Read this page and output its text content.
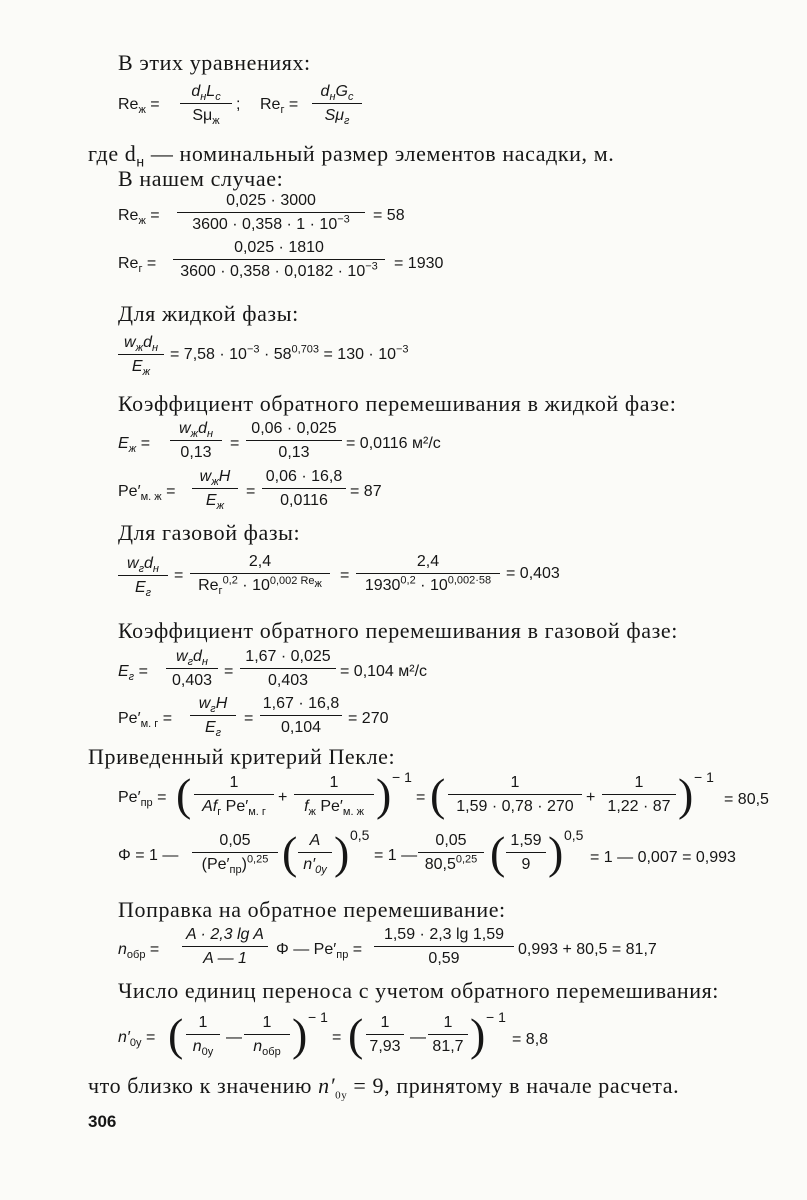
В этих уравнениях:
$Re_ж$ =
$d_нL_с$
$S\mu_ж$
; $Re_г$ =
$d_нG_с$
$S\mu_г$
где $d_н$ — номинальный размер элементов насадки, м.
В нашем случае:
$Re_ж$ =
0,025 · 3000
$3600 \cdot 0,358 \cdot 1 \cdot 10^{-3}$	= 58
$Re_г$ =
0,025 · 1810
$3600 \cdot 0,358 \cdot 0,0182 \cdot 10^{-3}$	= 1930
Для жидкой фазы:
$w_жd_н$
$E_ж$
= $7,58 \cdot 10^{-3} \cdot 58^{0,703} = 130 \cdot 10^{-3}$
Коэффициент обратного перемешивания в жидкой фазе:
$E_ж$ =
$w_жd_н$
0,13
=
0,06 · 0,025
0,13
= 0,0116 м²/с
$Pe'_{м. ж}$ =
$w_жH$
$E_ж$
=
0,06 · 16,8
0,0116
= 87
Для газовой фазы:
$w_гd_н$
$E_г$
=
2,4
$Re_г^{0,2} \cdot 10^{0,002 Re_ж}$	=
2,4
$1930^{0,2} \cdot 10^{0,002\cdot 58} = 0,403$
Коэффициент обратного перемешивания в газовой фазе:
$E_г$ =
$w_гd_н$
0,403
=
1,67 · 0,025
0,403
= 0,104 м²/с
$Pe'_{м. г}$ =
$w_гH$
$E_г$
=
1,67 · 16,8
0,104
= 270
Приведенный критерий Пекле:
$Pe'_{пр}$ = (	1
$Af_г$ $Pe'_{м. г}$
+
1
$f_ж$ $Pe'_{м. ж}$ ) − 1
= (	1
1,59 · 0,78 · 270
+
1
1,22 · 87 ) − 1
= 80,5
Φ = 1 —
0,05
$(Pe'_{пр})^{0,25}$ ( A
$n'_{0y}$ ) 0,5
= 1 —
0,05
80,5$^{0,25}$ ( 1,59
9 ) 0,5
= 1 — 0,007 = 0,993
Поправка на обратное перемешивание:
$n_{обр}$ =
A · 2,3 lg A
A — 1
Φ — $Pe'_{пр}$ =
1,59 · 2,3 lg 1,59
0,59
0,993 + 80,5 = 81,7
Число единиц переноса с учетом обратного перемешивания:
$n'_{0y}$ = ( 1
$n_{0y}$
—
1
$n_{обр}$ ) − 1
= (	1
7,93
—
1
81,7 ) − 1
= 8,8
что близко к значению $n'_{0y} = 9$, принятому в начале расчета.
306
